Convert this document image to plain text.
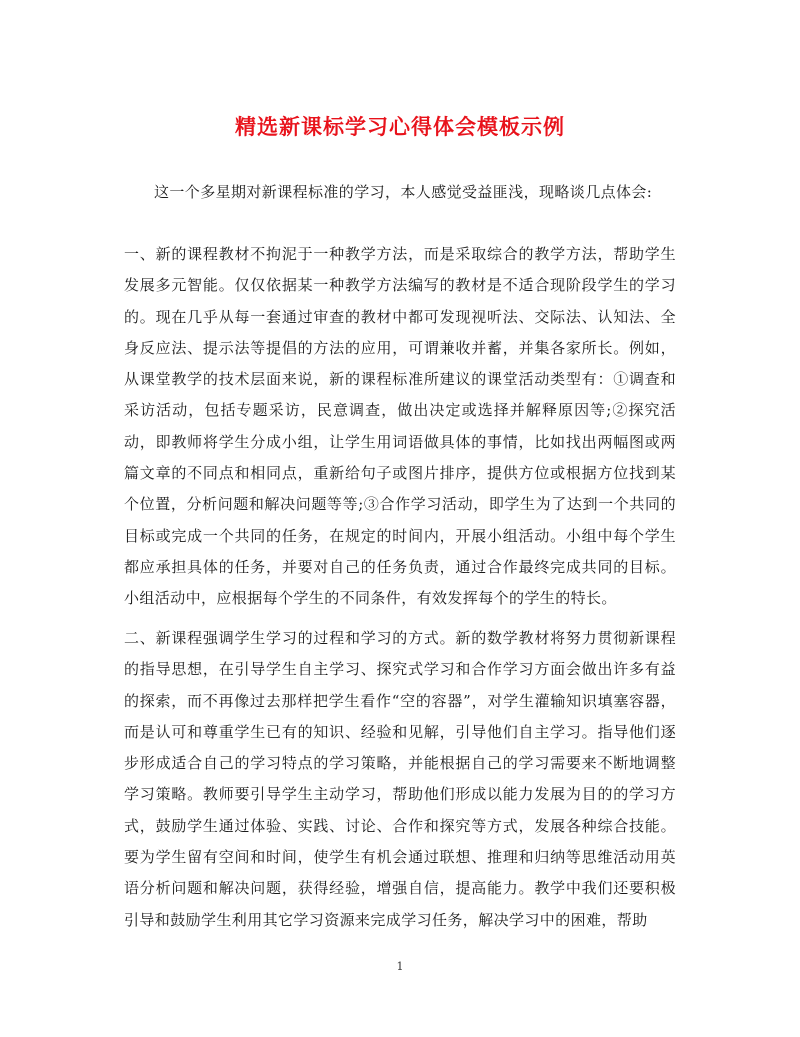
精选新课标学习心得体会模板示例
这一个多星期对新课程标准的学习，本人感觉受益匪浅，现略谈几点体会:
一、新的课程教材不拘泥于一种教学方法，而是采取综合的教学方法，帮助学生发展多元智能。仅仅依据某一种教学方法编写的教材是不适合现阶段学生的学习的。现在几乎从每一套通过审查的教材中都可发现视听法、交际法、认知法、全身反应法、提示法等提倡的方法的应用，可谓兼收并蓄，并集各家所长。例如，从课堂教学的技术层面来说，新的课程标准所建议的课堂活动类型有：①调查和采访活动，包括专题采访，民意调查，做出决定或选择并解释原因等;②探究活动，即教师将学生分成小组，让学生用词语做具体的事情，比如找出两幅图或两篇文章的不同点和相同点，重新给句子或图片排序，提供方位或根据方位找到某个位置，分析问题和解决问题等等;③合作学习活动，即学生为了达到一个共同的目标或完成一个共同的任务，在规定的时间内，开展小组活动。小组中每个学生都应承担具体的任务，并要对自己的任务负责，通过合作最终完成共同的目标。小组活动中，应根据每个学生的不同条件，有效发挥每个的学生的特长。
二、新课程强调学生学习的过程和学习的方式。新的数学教材将努力贯彻新课程的指导思想，在引导学生自主学习、探究式学习和合作学习方面会做出许多有益的探索，而不再像过去那样把学生看作“空的容器”，对学生灌输知识填塞容器，而是认可和尊重学生已有的知识、经验和见解，引导他们自主学习。指导他们逐步形成适合自己的学习特点的学习策略，并能根据自己的学习需要来不断地调整学习策略。教师要引导学生主动学习，帮助他们形成以能力发展为目的的学习方式，鼓励学生通过体验、实践、讨论、合作和探究等方式，发展各种综合技能。要为学生留有空间和时间，使学生有机会通过联想、推理和归纳等思维活动用英语分析问题和解决问题，获得经验，增强自信，提高能力。教学中我们还要积极引导和鼓励学生利用其它学习资源来完成学习任务，解决学习中的困难，帮助
1
